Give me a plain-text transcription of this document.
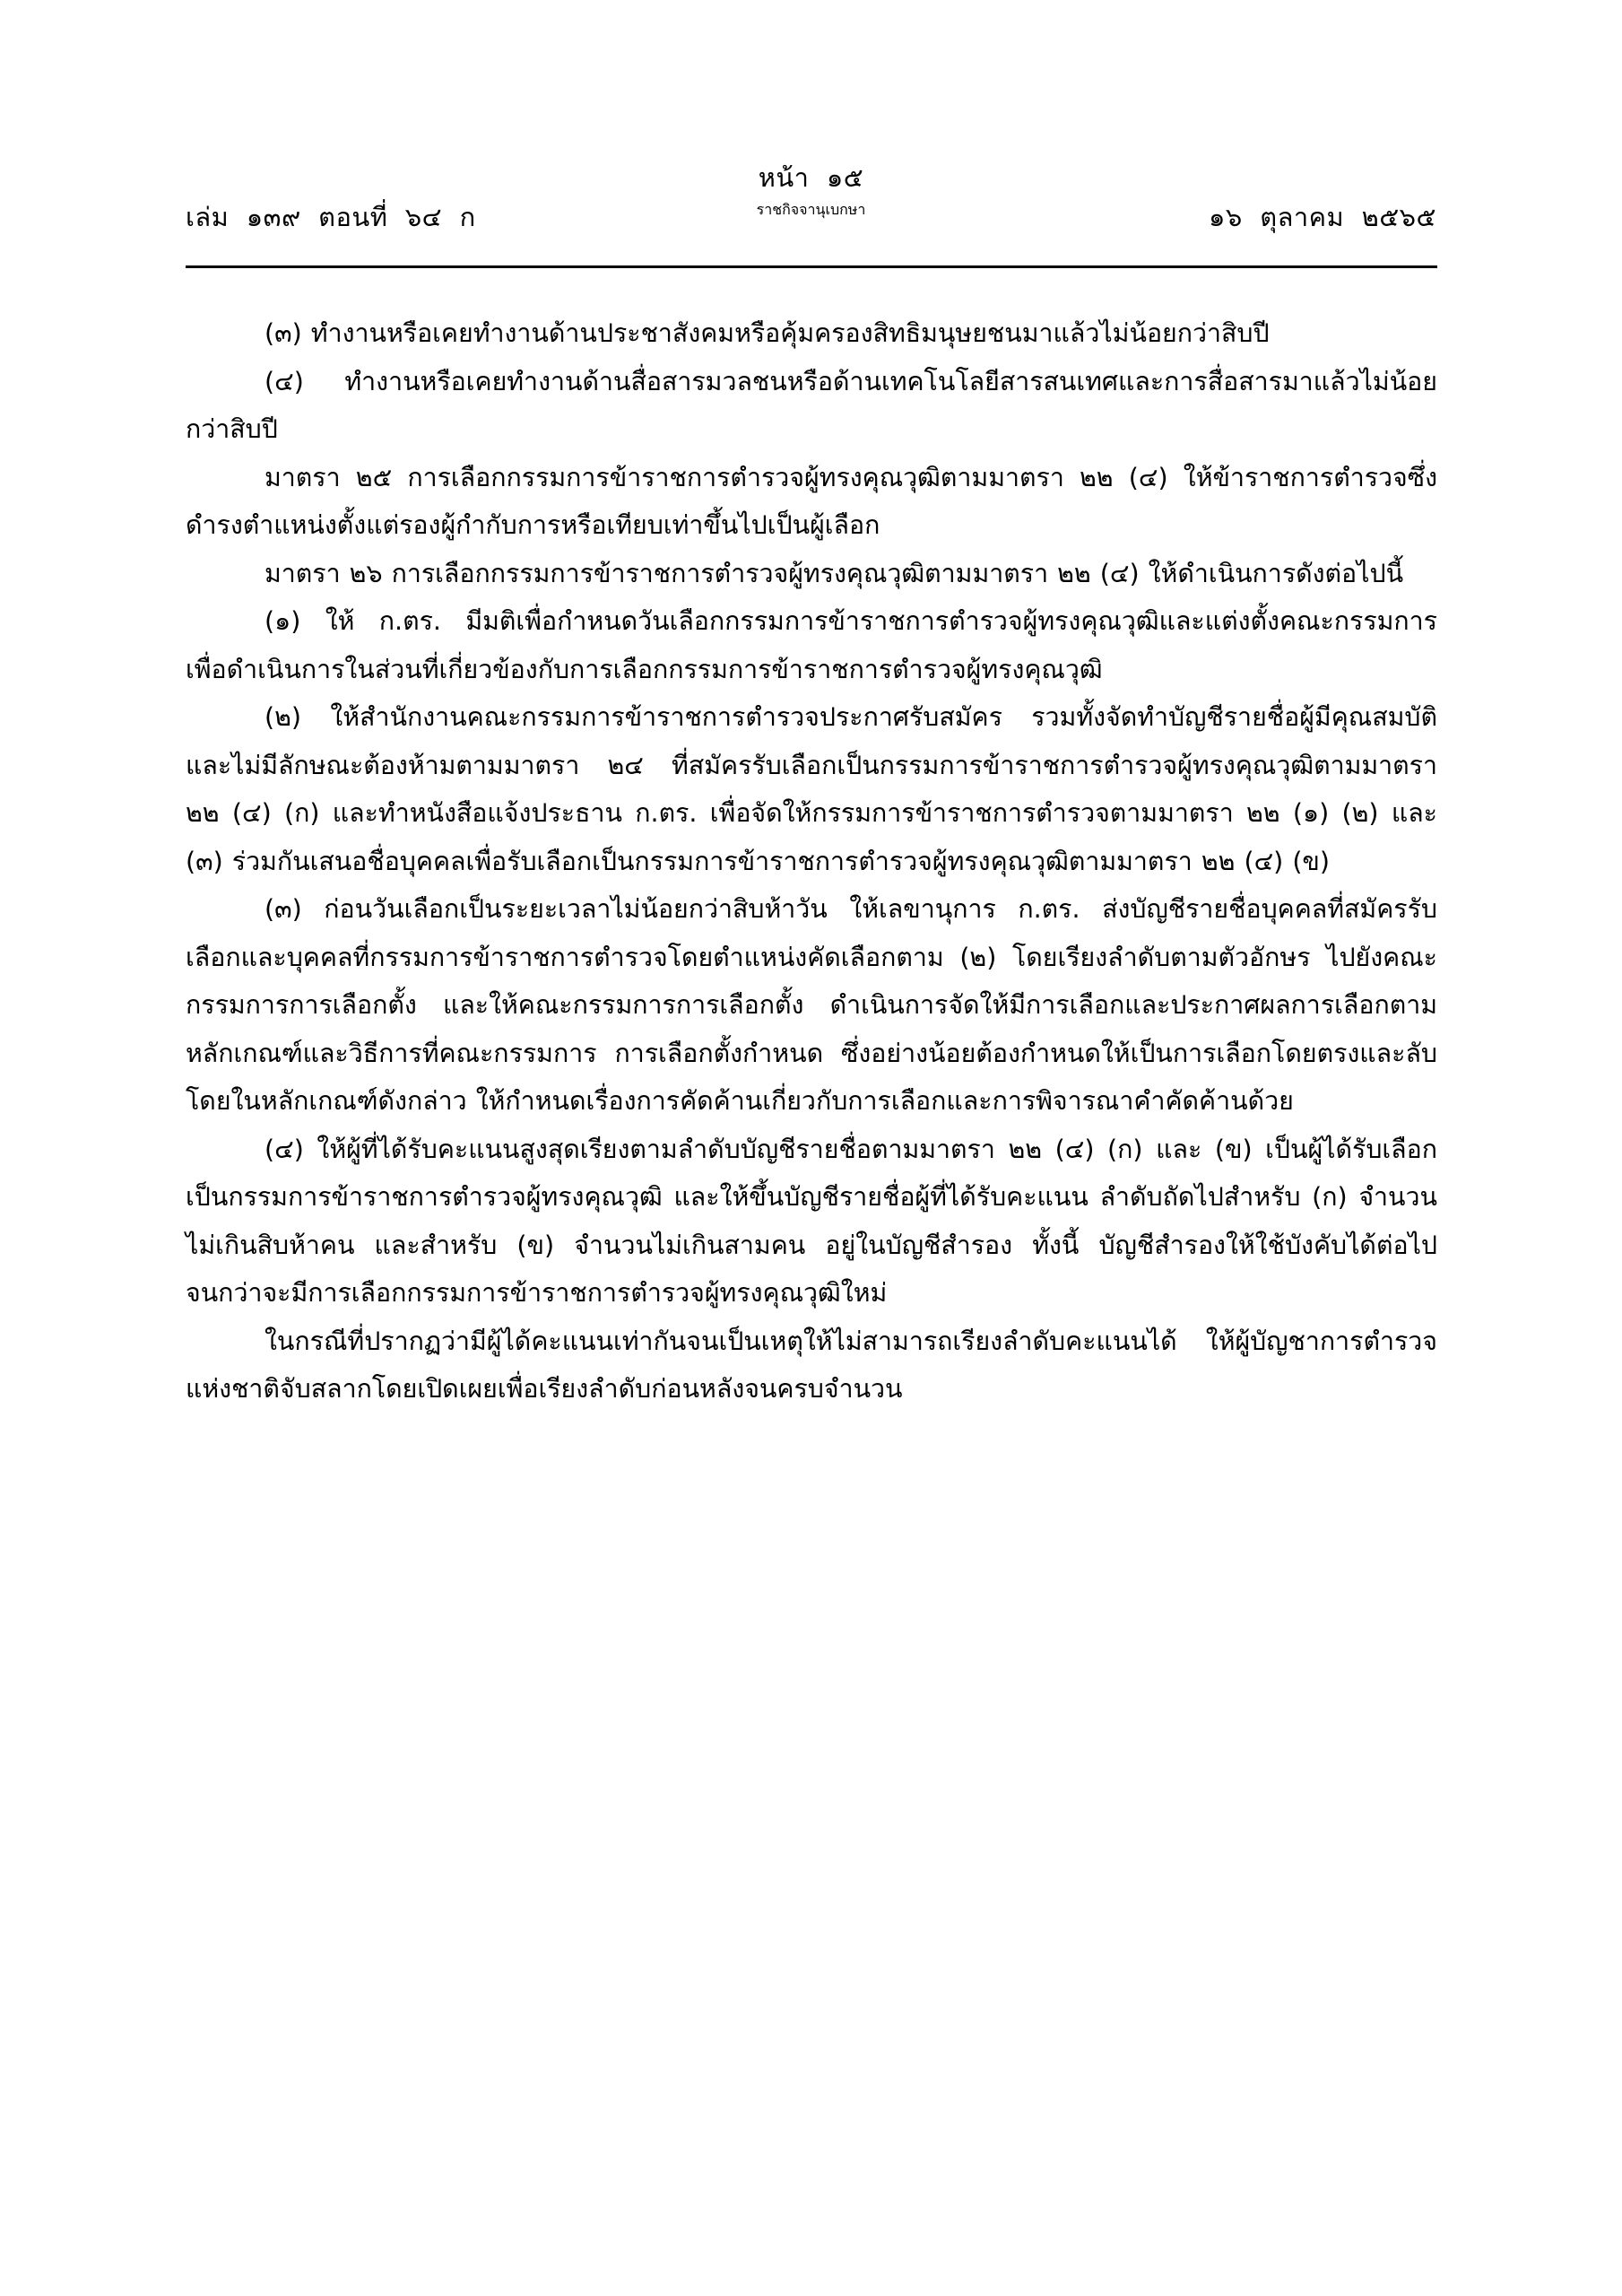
หน้า  ๑๕
เล่ม  ๑๓๙  ตอนที่  ๖๔  ก	๑๖  ตุลาคม  ๒๕๖๕
ราชกิจจานุเบกษา

(๓) ทำงานหรือเคยทำงานด้านประชาสังคมหรือคุ้มครองสิทธิมนุษยชนมาแล้วไม่น้อยกว่าสิบปี

(๔) ทำงานหรือเคยทำงานด้านสื่อสารมวลชนหรือด้านเทคโนโลยีสารสนเทศและการสื่อสารมาแล้วไม่น้อยกว่าสิบปี

มาตรา ๒๕ การเลือกกรรมการข้าราชการตำรวจผู้ทรงคุณวุฒิตามมาตรา ๒๒ (๔) ให้ข้าราชการตำรวจซึ่งดำรงตำแหน่งตั้งแต่รองผู้กำกับการหรือเทียบเท่าขึ้นไปเป็นผู้เลือก

มาตรา ๒๖ การเลือกกรรมการข้าราชการตำรวจผู้ทรงคุณวุฒิตามมาตรา ๒๒ (๔) ให้ดำเนินการดังต่อไปนี้

(๑) ให้ ก.ตร. มีมติเพื่อกำหนดวันเลือกกรรมการข้าราชการตำรวจผู้ทรงคุณวุฒิและแต่งตั้งคณะกรรมการ เพื่อดำเนินการในส่วนที่เกี่ยวข้องกับการเลือกกรรมการข้าราชการตำรวจผู้ทรงคุณวุฒิ

(๒) ให้สำนักงานคณะกรรมการข้าราชการตำรวจประกาศรับสมัคร รวมทั้งจัดทำบัญชีรายชื่อผู้มีคุณสมบัติและไม่มีลักษณะต้องห้ามตามมาตรา ๒๔ ที่สมัครรับเลือกเป็นกรรมการข้าราชการตำรวจผู้ทรงคุณวุฒิตามมาตรา ๒๒ (๔) (ก) และทำหนังสือแจ้งประธาน ก.ตร. เพื่อจัดให้กรรมการข้าราชการตำรวจตามมาตรา ๒๒ (๑) (๒) และ (๓) ร่วมกันเสนอชื่อบุคคลเพื่อรับเลือกเป็นกรรมการข้าราชการตำรวจผู้ทรงคุณวุฒิตามมาตรา ๒๒ (๔) (ข)

(๓) ก่อนวันเลือกเป็นระยะเวลาไม่น้อยกว่าสิบห้าวัน ให้เลขานุการ ก.ตร. ส่งบัญชีรายชื่อบุคคลที่สมัครรับเลือกและบุคคลที่กรรมการข้าราชการตำรวจโดยตำแหน่งคัดเลือกตาม (๒) โดยเรียงลำดับตามตัวอักษร ไปยังคณะกรรมการการเลือกตั้ง และให้คณะกรรมการการเลือกตั้ง ดำเนินการจัดให้มีการเลือกและประกาศผลการเลือกตามหลักเกณฑ์และวิธีการที่คณะกรรมการ การเลือกตั้งกำหนด ซึ่งอย่างน้อยต้องกำหนดให้เป็นการเลือกโดยตรงและลับ โดยในหลักเกณฑ์ดังกล่าว ให้กำหนดเรื่องการคัดค้านเกี่ยวกับการเลือกและการพิจารณาคำคัดค้านด้วย

(๔) ให้ผู้ที่ได้รับคะแนนสูงสุดเรียงตามลำดับบัญชีรายชื่อตามมาตรา ๒๒ (๔) (ก) และ (ข) เป็นผู้ได้รับเลือกเป็นกรรมการข้าราชการตำรวจผู้ทรงคุณวุฒิ และให้ขึ้นบัญชีรายชื่อผู้ที่ได้รับคะแนน ลำดับถัดไปสำหรับ (ก) จำนวนไม่เกินสิบห้าคน และสำหรับ (ข) จำนวนไม่เกินสามคน อยู่ในบัญชีสำรอง ทั้งนี้ บัญชีสำรองให้ใช้บังคับได้ต่อไปจนกว่าจะมีการเลือกกรรมการข้าราชการตำรวจผู้ทรงคุณวุฒิใหม่

ในกรณีที่ปรากฏว่ามีผู้ได้คะแนนเท่ากันจนเป็นเหตุให้ไม่สามารถเรียงลำดับคะแนนได้ ให้ผู้บัญชาการตำรวจแห่งชาติจับสลากโดยเปิดเผยเพื่อเรียงลำดับก่อนหลังจนครบจำนวน
